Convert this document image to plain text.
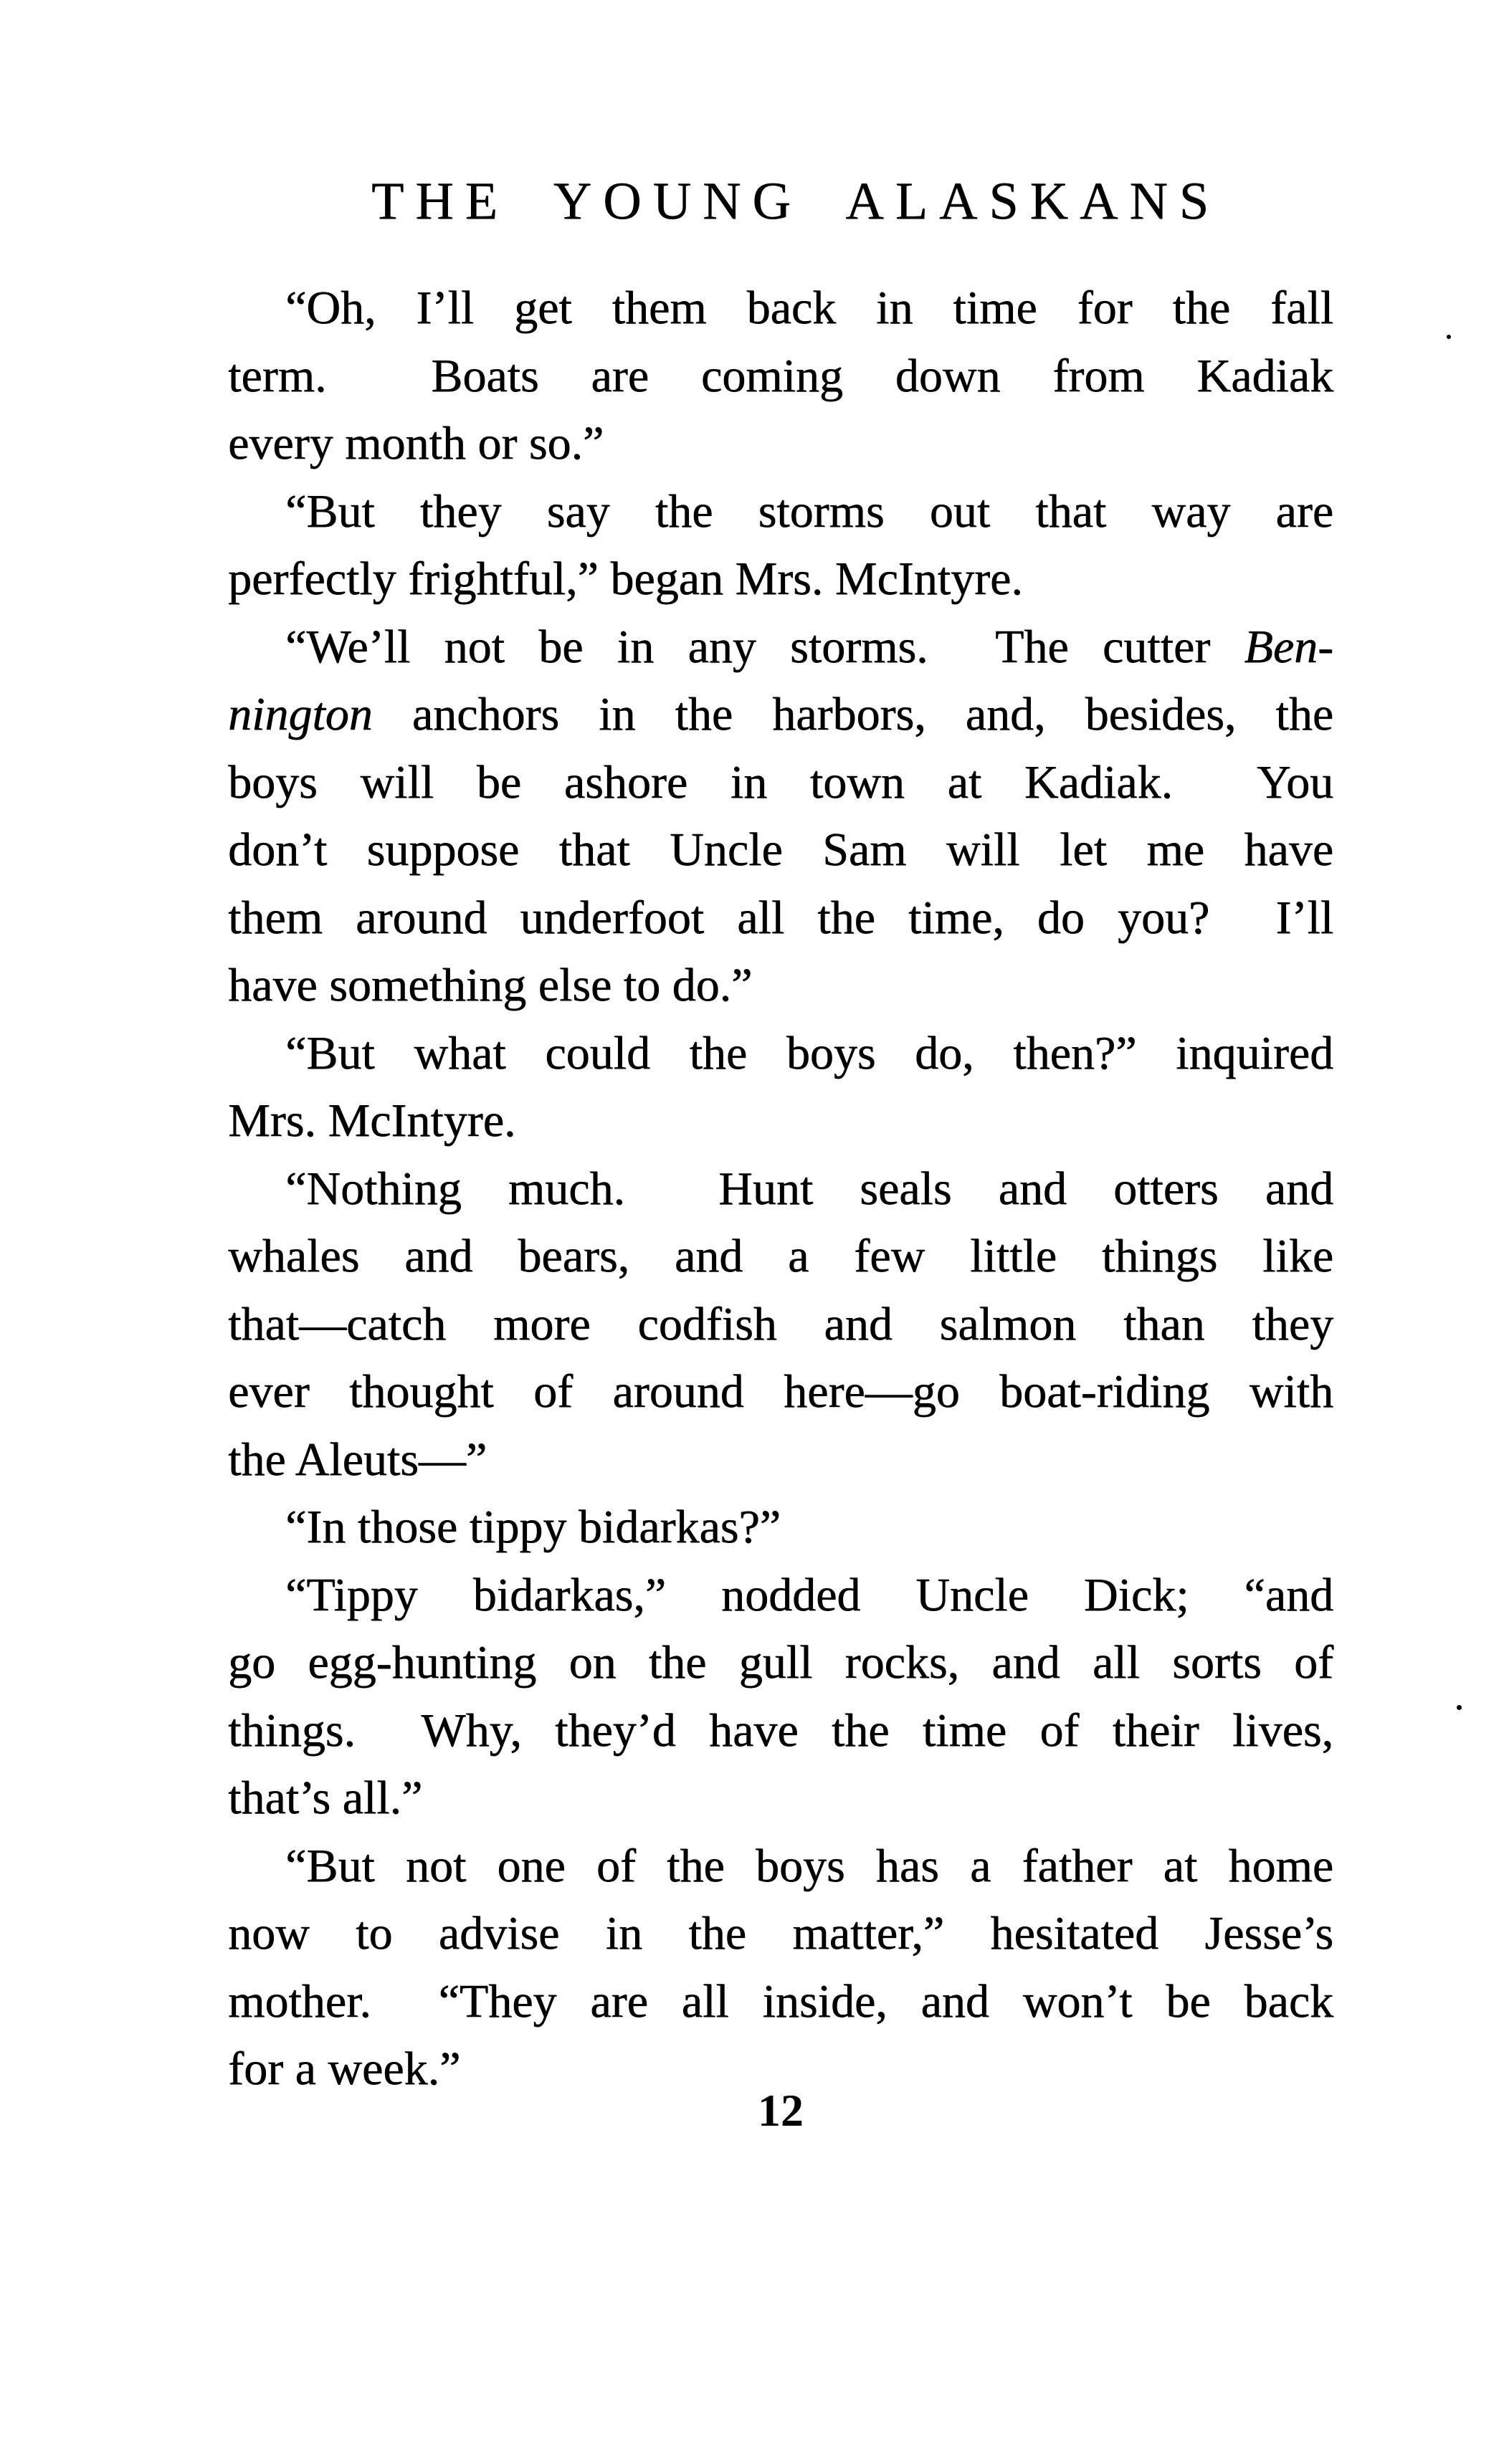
THE YOUNG ALASKANS
“Oh, I’ll get them back in time for the fall
term.  Boats are coming down from Kadiak
every month or so.”
“But they say the storms out that way are
perfectly frightful,” began Mrs. McIntyre.
“We’ll not be in any storms.  The cutter Ben-
nington anchors in the harbors, and, besides, the
boys will be ashore in town at Kadiak.  You
don’t suppose that Uncle Sam will let me have
them around underfoot all the time, do you?  I’ll
have something else to do.”
“But what could the boys do, then?” inquired
Mrs. McIntyre.
“Nothing much.  Hunt seals and otters and
whales and bears, and a few little things like
that—catch more codfish and salmon than they
ever thought of around here—go boat-riding with
the Aleuts—”
“In those tippy bidarkas?”
“Tippy bidarkas,” nodded Uncle Dick; “and
go egg-hunting on the gull rocks, and all sorts of
things.  Why, they’d have the time of their lives,
that’s all.”
“But not one of the boys has a father at home
now to advise in the matter,” hesitated Jesse’s
mother.  “They are all inside, and won’t be back
for a week.”
12
